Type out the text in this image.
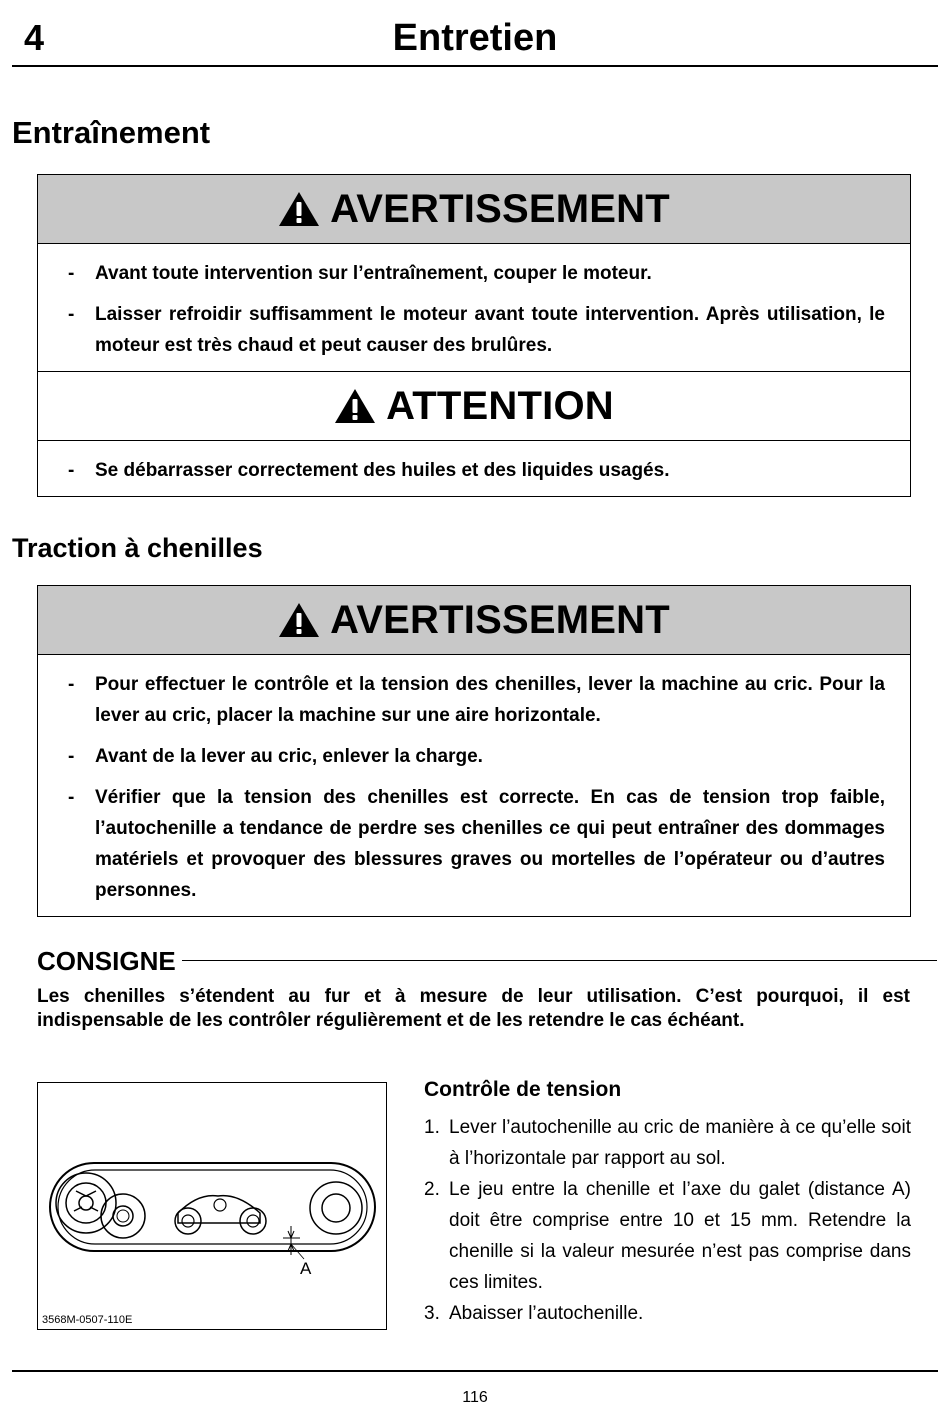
4	Entretien
Entraînement
AVERTISSEMENT
- Avant toute intervention sur l’entraînement, couper le moteur.
- Laisser refroidir suffisamment le moteur avant toute intervention. Après utilisation, le moteur est très chaud et peut causer des brulûres.
ATTENTION
- Se débarrasser correctement des huiles et des liquides usagés.
Traction à chenilles
AVERTISSEMENT
- Pour effectuer le contrôle et la tension des chenilles, lever la machine au cric. Pour la lever au cric, placer la machine sur une aire horizontale.
- Avant de la lever au cric, enlever la charge.
- Vérifier que la tension des chenilles est correcte. En cas de tension trop faible, l’autochenille a tendance de perdre ses chenilles ce qui peut entraîner des dommages matériels et provoquer des blessures graves ou mortelles de l’opérateur ou d’autres personnes.
CONSIGNE
Les chenilles s’étendent au fur et à mesure de leur utilisation. C’est pourquoi, il est indispensable de les contrôler régulièrement et de les retendre le cas échéant.
A
3568M-0507-110E
Contrôle de tension
1. Lever l’autochenille au cric de manière à ce qu’elle soit à l’horizontale par rapport au sol.
2. Le jeu entre la chenille et l’axe du galet (distance A) doit être comprise entre 10 et 15 mm. Retendre la chenille si la valeur mesurée n’est pas comprise dans ces limites.
3. Abaisser l’autochenille.
116
